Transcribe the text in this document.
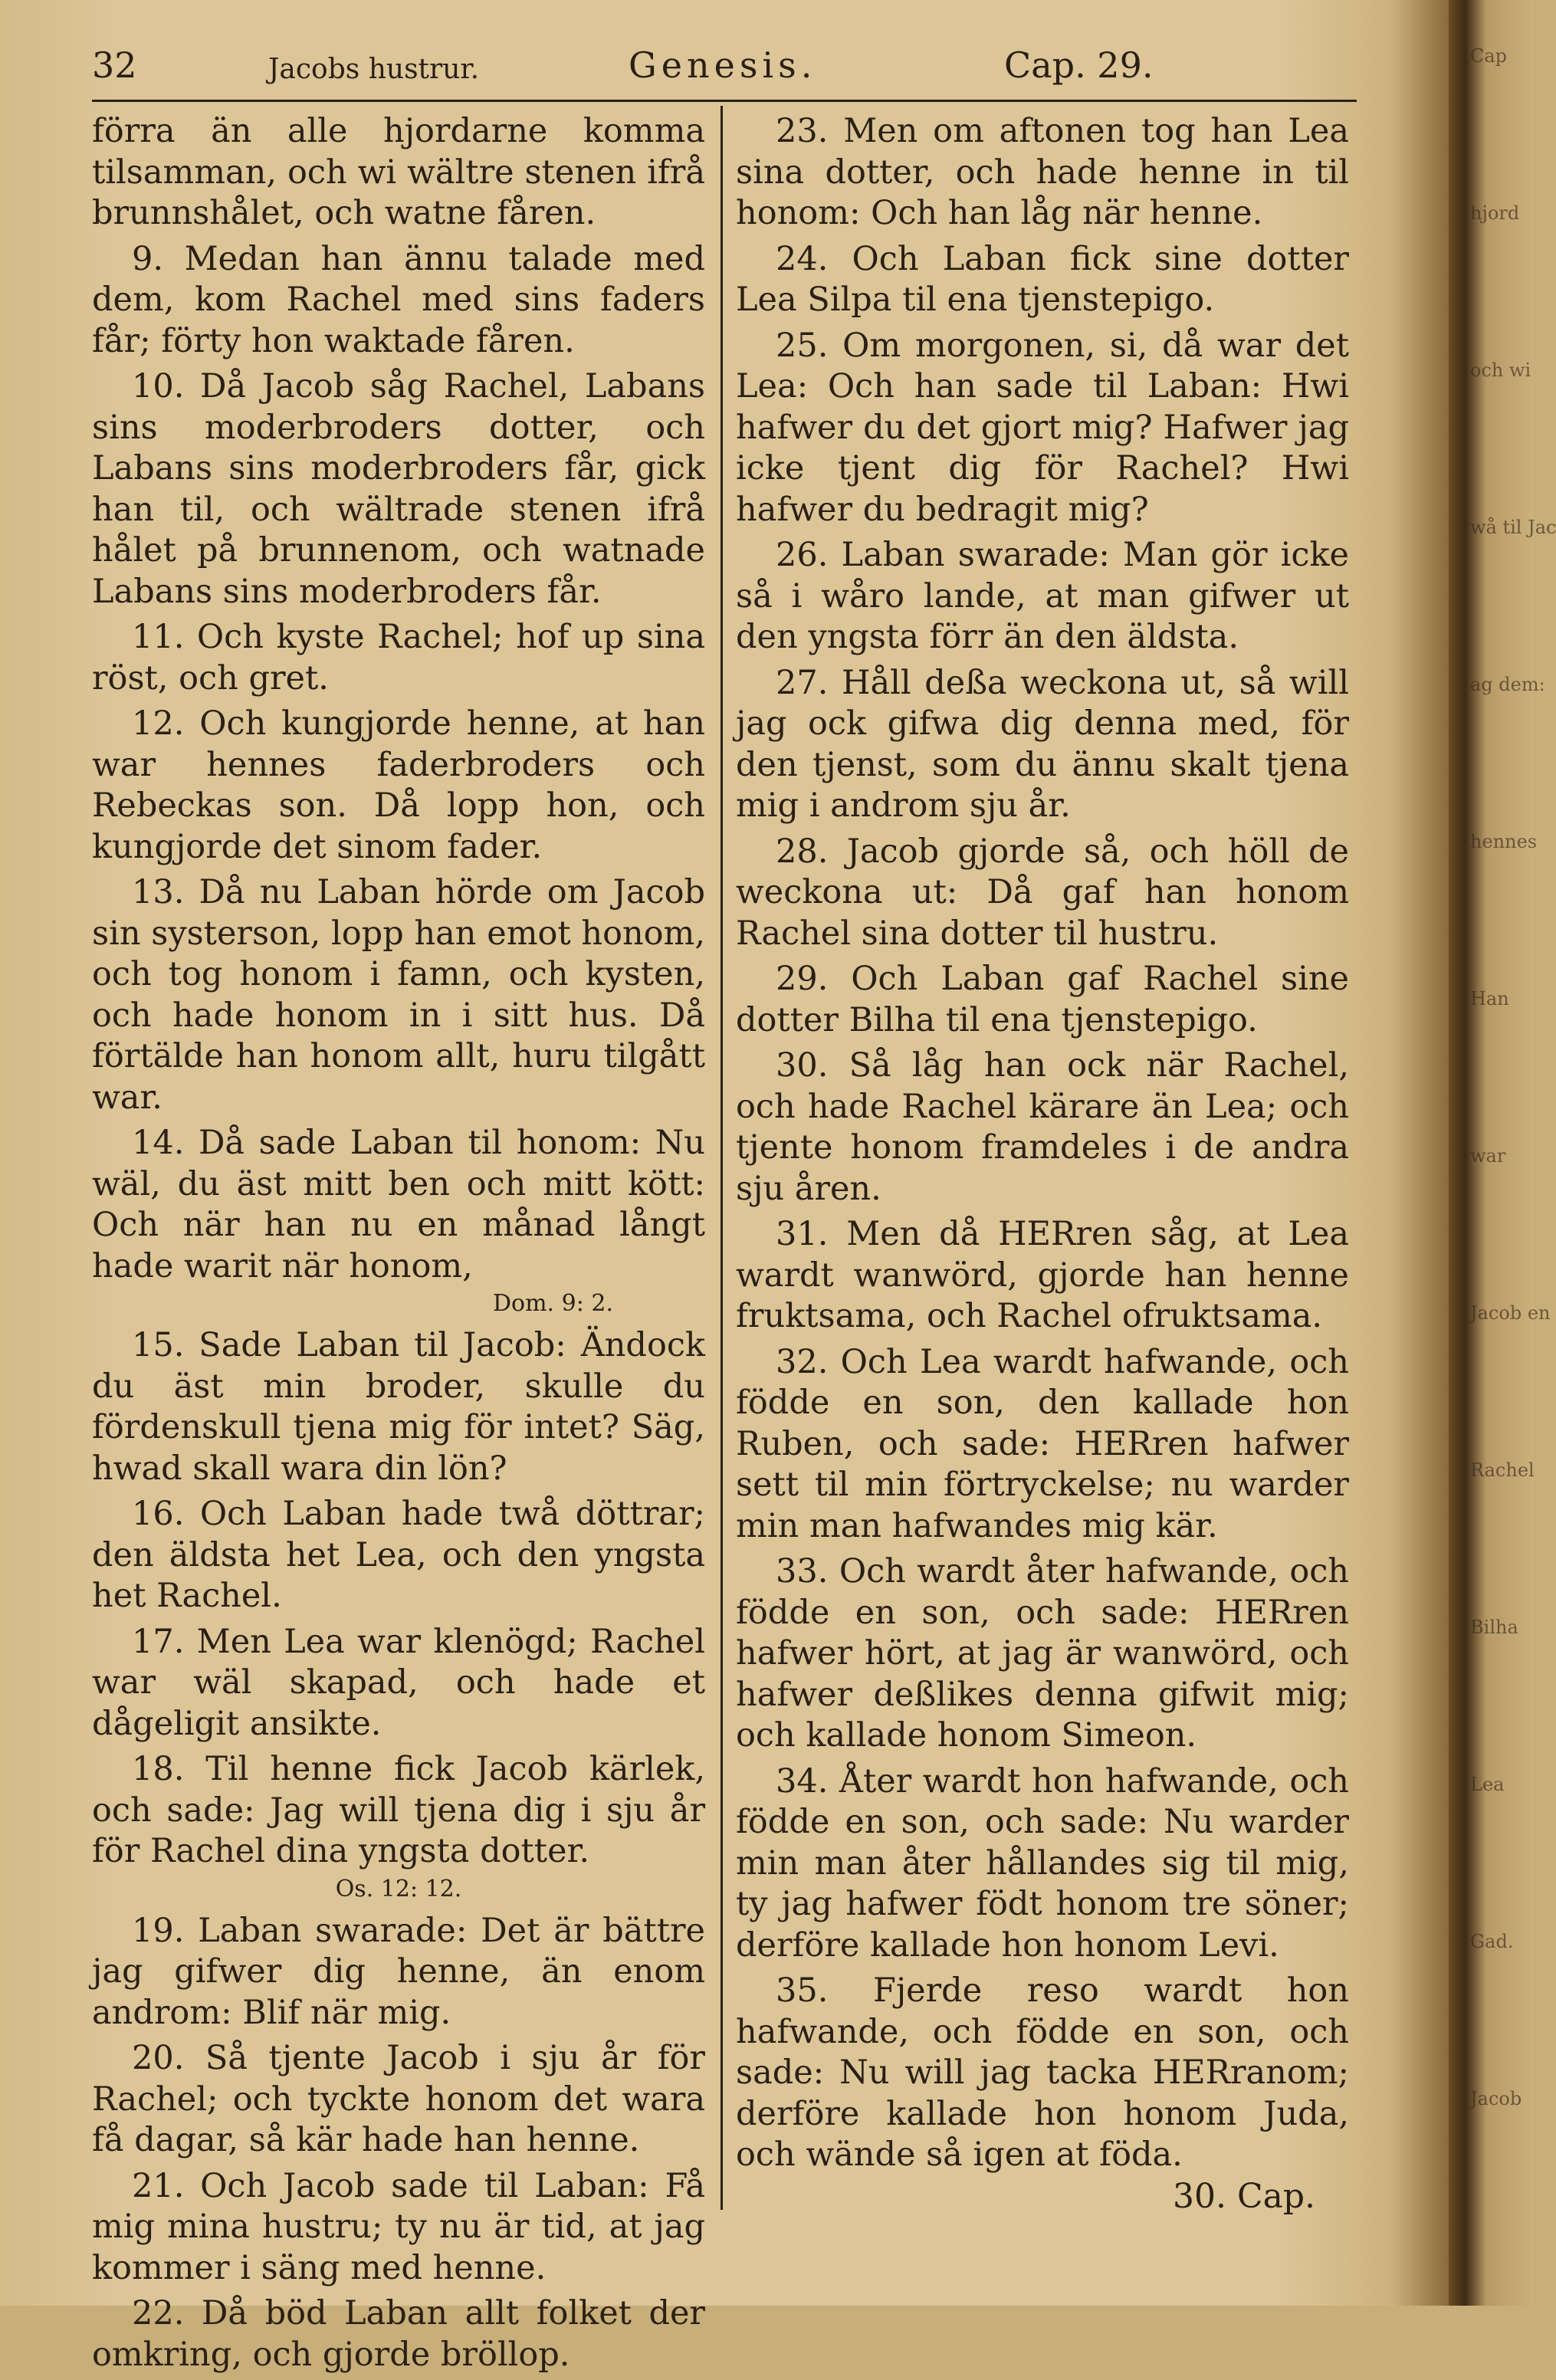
32	Jacobs hustrur.	Genesis.	Cap. 29.

förra än alle hjordarne komma tilsamman, och wi wältre stenen ifrå brunnshålet, och watne fåren.

9. Medan han ännu talade med dem, kom Rachel med sins faders får; förty hon waktade fåren.

10. Då Jacob såg Rachel, Labans sins moderbroders dotter, och Labans sins moderbroders får, gick han til, och wältrade stenen ifrå hålet på brunnenom, och watnade Labans sins moderbroders får.

11. Och kyste Rachel; hof up sina röst, och gret.

12. Och kungjorde henne, at han war hennes faderbroders och Rebeckas son. Då lopp hon, och kungjorde det sinom fader.

13. Då nu Laban hörde om Jacob sin systerson, lopp han emot honom, och tog honom i famn, och kysten, och hade honom in i sitt hus. Då förtälde han honom allt, huru tilgått war.

14. Då sade Laban til honom: Nu wäl, du äst mitt ben och mitt kött: Och när han nu en månad långt hade warit när honom,

Dom. 9: 2.

15. Sade Laban til Jacob: Ändock du äst min broder, skulle du fördenskull tjena mig för intet? Säg, hwad skall wara din lön?

16. Och Laban hade twå döttrar; den äldsta het Lea, och den yngsta het Rachel.

17. Men Lea war klenögd; Rachel war wäl skapad, och hade et dågeligit ansikte.

18. Til henne fick Jacob kärlek, och sade: Jag will tjena dig i sju år för Rachel dina yngsta dotter.

Os. 12: 12.

19. Laban swarade: Det är bättre jag gifwer dig henne, än enom androm: Blif när mig.

20. Så tjente Jacob i sju år för Rachel; och tyckte honom det wara få dagar, så kär hade han henne.

21. Och Jacob sade til Laban: Få mig mina hustru; ty nu är tid, at jag kommer i säng med henne.

22. Då böd Laban allt folket der omkring, och gjorde bröllop.

23. Men om aftonen tog han Lea sina dotter, och hade henne in til honom: Och han låg när henne.

24. Och Laban fick sine dotter Lea Silpa til ena tjenstepigo.

25. Om morgonen, si, då war det Lea: Och han sade til Laban: Hwi hafwer du det gjort mig? Hafwer jag icke tjent dig för Rachel? Hwi hafwer du bedragit mig?

26. Laban swarade: Man gör icke så i wåro lande, at man gifwer ut den yngsta förr än den äldsta.

27. Håll deßa weckona ut, så will jag ock gifwa dig denna med, för den tjenst, som du ännu skalt tjena mig i androm sju år.

28. Jacob gjorde så, och höll de weckona ut: Då gaf han honom Rachel sina dotter til hustru.

29. Och Laban gaf Rachel sine dotter Bilha til ena tjenstepigo.

30. Så låg han ock när Rachel, och hade Rachel kärare än Lea; och tjente honom framdeles i de andra sju åren.

31. Men då HERren såg, at Lea wardt wanwörd, gjorde han henne fruktsama, och Rachel ofruktsama.

32. Och Lea wardt hafwande, och födde en son, den kallade hon Ruben, och sade: HERren hafwer sett til min förtryckelse; nu warder min man hafwandes mig kär.

33. Och wardt åter hafwande, och födde en son, och sade: HERren hafwer hört, at jag är wanwörd, och hafwer deßlikes denna gifwit mig; och kallade honom Simeon.

34. Åter wardt hon hafwande, och födde en son, och sade: Nu warder min man åter hållandes sig til mig, ty jag hafwer födt honom tre söner; derföre kallade hon honom Levi.

35. Fjerde reso wardt hon hafwande, och födde en son, och sade: Nu will jag tacka HERranom; derföre kallade hon honom Juda, och wände så igen at föda.

30. Cap.
Cap
hjord
och wi
wå til Jac
ag dem:
hennes
Han
war
Jacob en
Rachel
Bilha
Lea
Gad.
Jacob
